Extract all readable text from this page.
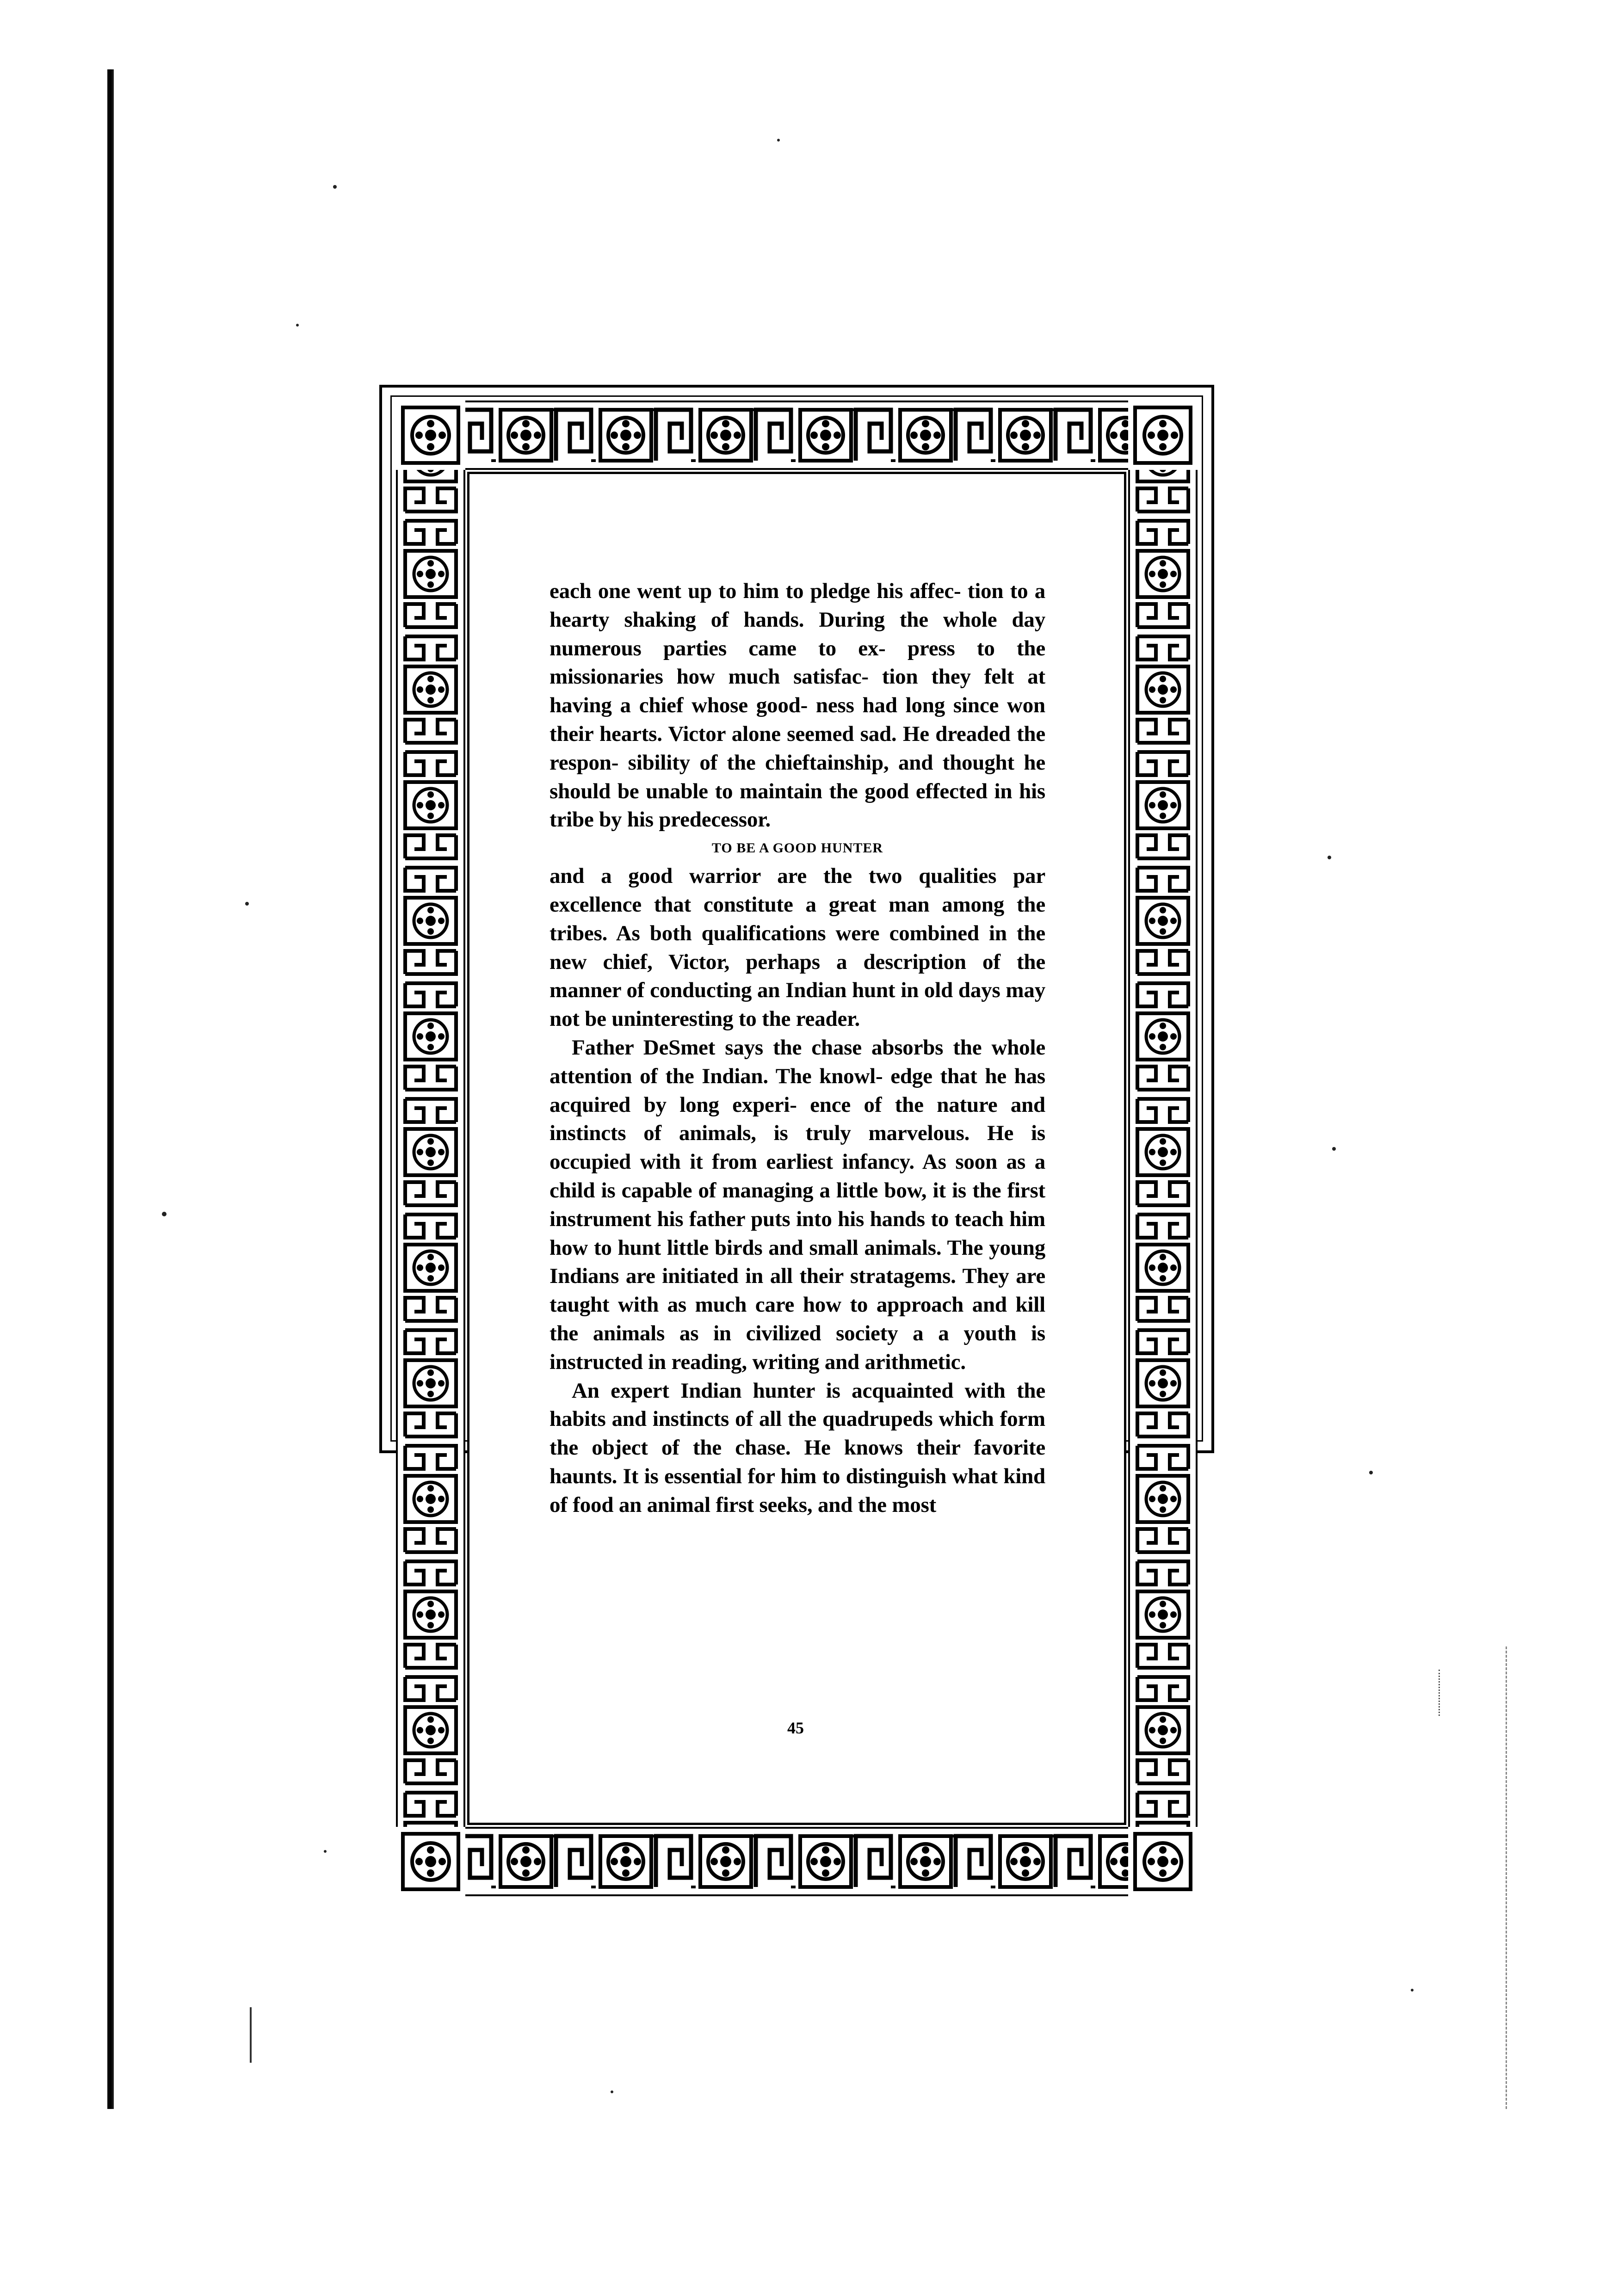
each one went up to him to pledge his affec- tion to a hearty shaking of hands. During the whole day numerous parties came to ex- press to the missionaries how much satisfac- tion they felt at having a chief whose good- ness had long since won their hearts. Victor alone seemed sad. He dreaded the respon- sibility of the chieftainship, and thought he should be unable to maintain the good effected in his tribe by his predecessor.

TO BE A GOOD HUNTER

and a good warrior are the two qualities par excellence that constitute a great man among the tribes. As both qualifications were combined in the new chief, Victor, perhaps a description of the manner of conducting an Indian hunt in old days may not be uninteresting to the reader.

Father DeSmet says the chase absorbs the whole attention of the Indian. The knowl- edge that he has acquired by long experi- ence of the nature and instincts of animals, is truly marvelous. He is occupied with it from earliest infancy. As soon as a child is capable of managing a little bow, it is the first instrument his father puts into his hands to teach him how to hunt little birds and small animals. The young Indians are initiated in all their stratagems. They are taught with as much care how to approach and kill the animals as in civilized society a a youth is instructed in reading, writing and arithmetic.

An expert Indian hunter is acquainted with the habits and instincts of all the quadrupeds which form the object of the chase. He knows their favorite haunts. It is essential for him to distinguish what kind of food an animal first seeks, and the most

45
